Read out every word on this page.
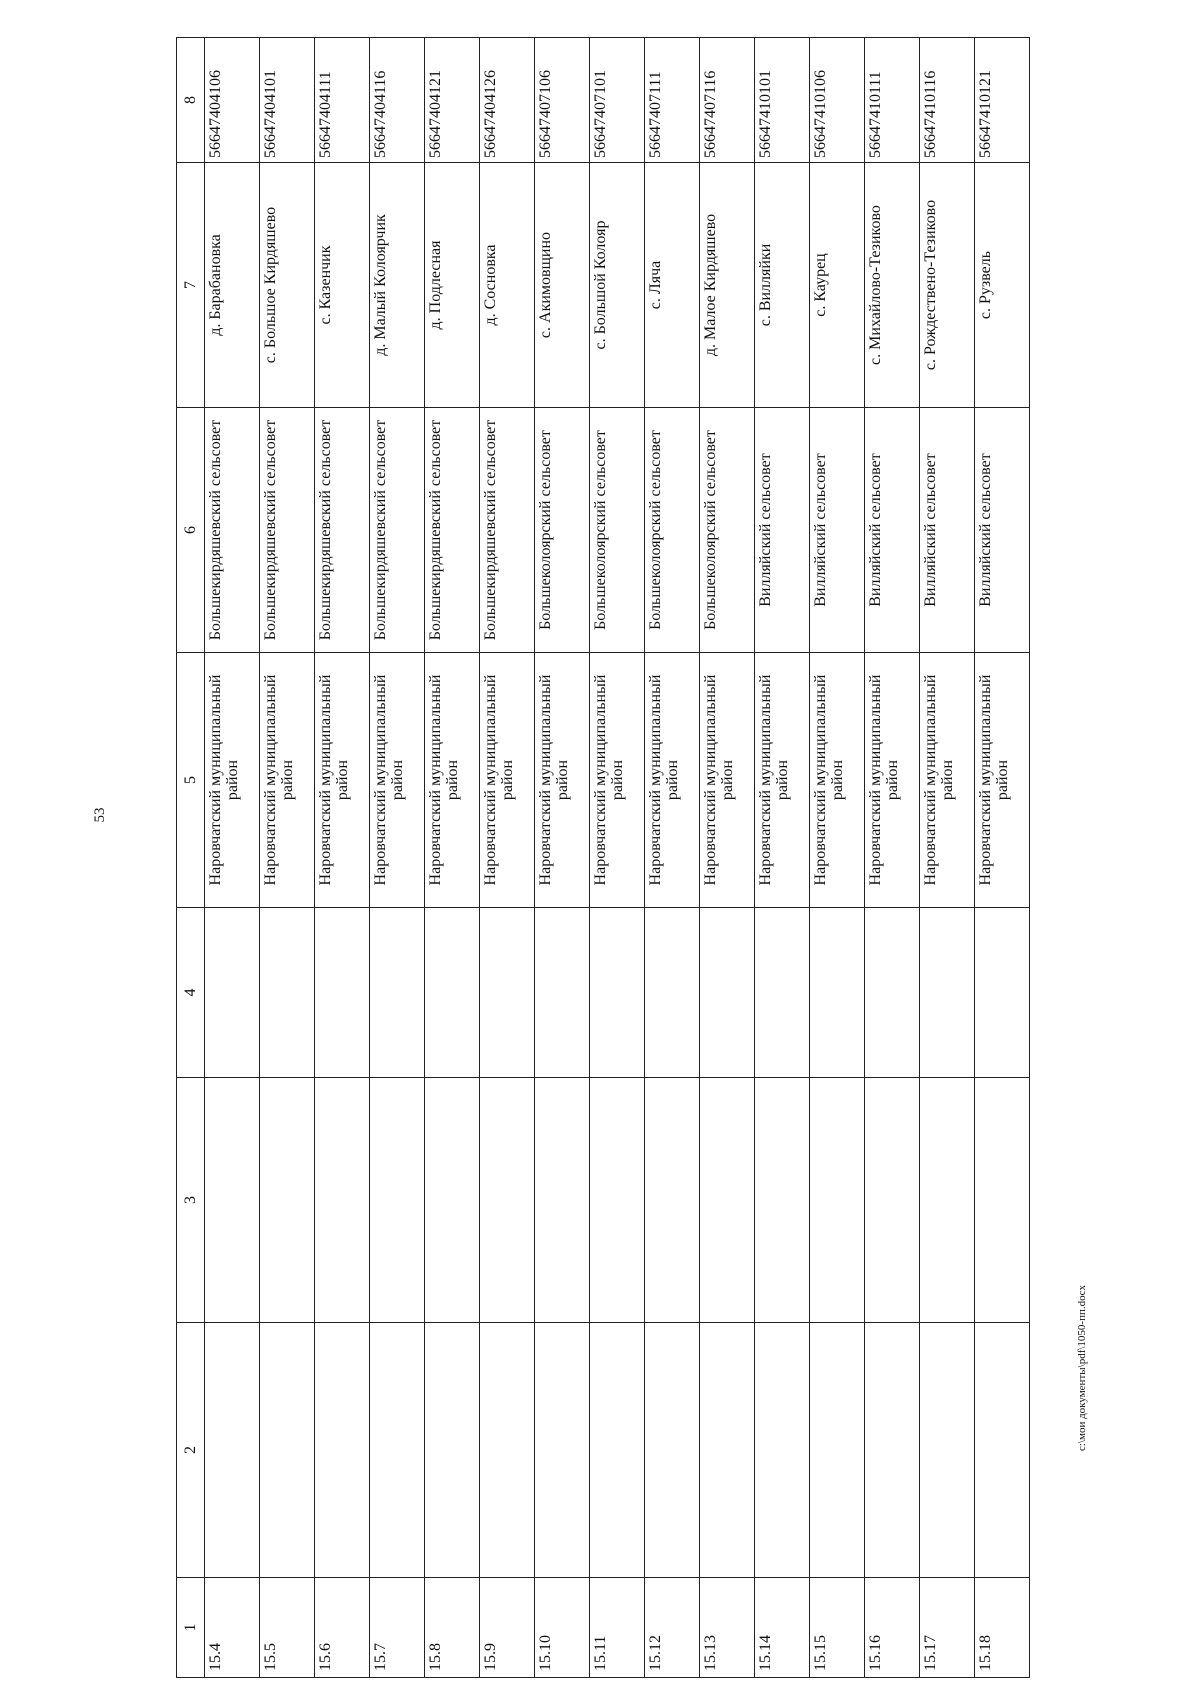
53
1	2	3	4	5	6	7	8
15.4				Наровчатский муниципальный район	Большекирдяшевский сельсовет	д. Барабановка	56647404106
15.5				Наровчатский муниципальный район	Большекирдяшевский сельсовет	с. Большое Кирдяшево	56647404101
15.6				Наровчатский муниципальный район	Большекирдяшевский сельсовет	с. Казенчик	56647404111
15.7				Наровчатский муниципальный район	Большекирдяшевский сельсовет	д. Малый Колоярчик	56647404116
15.8				Наровчатский муниципальный район	Большекирдяшевский сельсовет	д. Подлесная	56647404121
15.9				Наровчатский муниципальный район	Большекирдяшевский сельсовет	д. Сосновка	56647404126
15.10				Наровчатский муниципальный район	Большеколоярский сельсовет	с. Акимовщино	56647407106
15.11				Наровчатский муниципальный район	Большеколоярский сельсовет	с. Большой Колояр	56647407101
15.12				Наровчатский муниципальный район	Большеколоярский сельсовет	с. Ляча	56647407111
15.13				Наровчатский муниципальный район	Большеколоярский сельсовет	д. Малое Кирдяшево	56647407116
15.14				Наровчатский муниципальный район	Вилляйский сельсовет	с. Вилляйки	56647410101
15.15				Наровчатский муниципальный район	Вилляйский сельсовет	с. Каурец	56647410106
15.16				Наровчатский муниципальный район	Вилляйский сельсовет	с. Михайлово-Тезиково	56647410111
15.17				Наровчатский муниципальный район	Вилляйский сельсовет	с. Рождествено-Тезиково	56647410116
15.18				Наровчатский муниципальный район	Вилляйский сельсовет	с. Рузвель	56647410121
c:\мои документы\pdf\1050-пп.docx
